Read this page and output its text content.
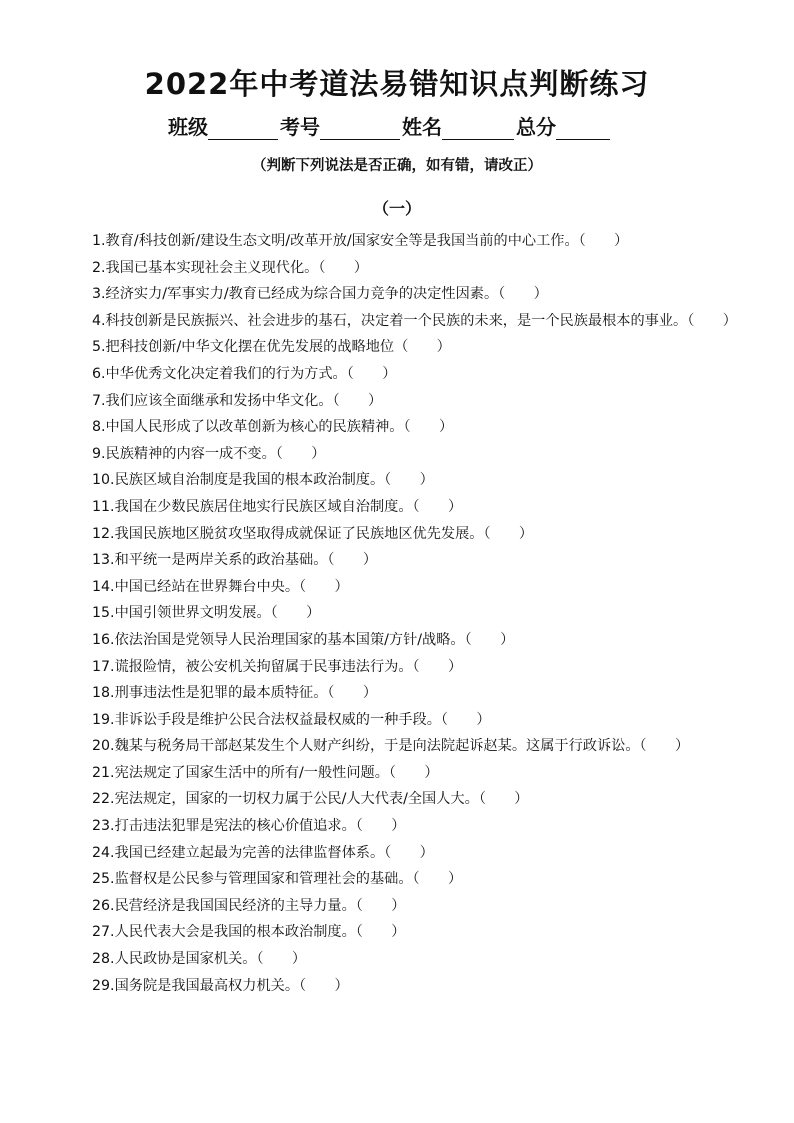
2022年中考道法易错知识点判断练习
班级	考号	姓名	总分
（判断下列说法是否正确，如有错，请改正）
（一）
1.教育/科技创新/建设生态文明/改革开放/国家安全等是我国当前的中心工作。（　　）
2.我国已基本实现社会主义现代化。（　　）
3.经济实力/军事实力/教育已经成为综合国力竞争的决定性因素。（　　）
4.科技创新是民族振兴、社会进步的基石，决定着一个民族的未来，是一个民族最根本的事业。（　　）
5.把科技创新/中华文化摆在优先发展的战略地位（　　）
6.中华优秀文化决定着我们的行为方式。（　　）
7.我们应该全面继承和发扬中华文化。（　　）
8.中国人民形成了以改革创新为核心的民族精神。（　　）
9.民族精神的内容一成不变。（　　）
10.民族区域自治制度是我国的根本政治制度。（　　）
11.我国在少数民族居住地实行民族区域自治制度。（　　）
12.我国民族地区脱贫攻坚取得成就保证了民族地区优先发展。（　　）
13.和平统一是两岸关系的政治基础。（　　）
14.中国已经站在世界舞台中央。（　　）
15.中国引领世界文明发展。（　　）
16.依法治国是党领导人民治理国家的基本国策/方针/战略。（　　）
17.谎报险情，被公安机关拘留属于民事违法行为。（　　）
18.刑事违法性是犯罪的最本质特征。（　　）
19.非诉讼手段是维护公民合法权益最权威的一种手段。（　　）
20.魏某与税务局干部赵某发生个人财产纠纷，于是向法院起诉赵某。这属于行政诉讼。（　　）
21.宪法规定了国家生活中的所有/一般性问题。（　　）
22.宪法规定，国家的一切权力属于公民/人大代表/全国人大。（　　）
23.打击违法犯罪是宪法的核心价值追求。（　　）
24.我国已经建立起最为完善的法律监督体系。（　　）
25.监督权是公民参与管理国家和管理社会的基础。（　　）
26.民营经济是我国国民经济的主导力量。（　　）
27.人民代表大会是我国的根本政治制度。（　　）
28.人民政协是国家机关。（　　）
29.国务院是我国最高权力机关。（　　）
